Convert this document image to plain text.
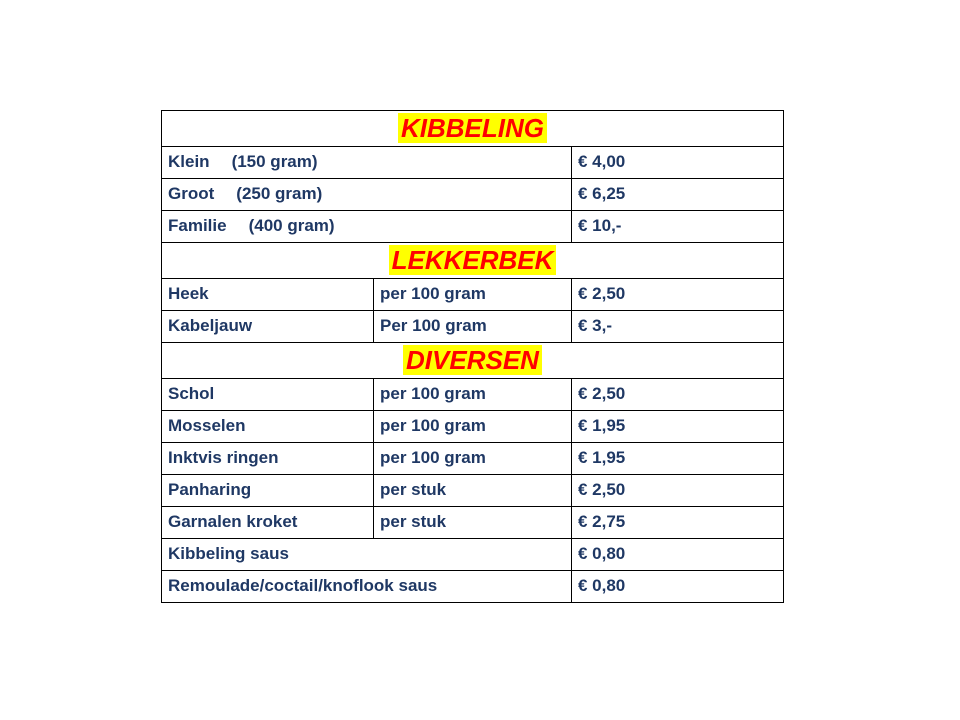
KIBBELING		
Klein (150 gram)		€ 4,00
Groot (250 gram)		€ 6,25
Familie (400 gram)		€ 10,-
LEKKERBEK		
Heek	per 100 gram	€ 2,50
Kabeljauw	Per 100 gram	€ 3,-
DIVERSEN		
Schol	per 100 gram	€ 2,50
Mosselen	per 100 gram	€ 1,95
Inktvis ringen	per 100 gram	€ 1,95
Panharing	per stuk	€ 2,50
Garnalen kroket	per stuk	€ 2,75
Kibbeling saus		€ 0,80
Remoulade/coctail/knoflook saus		€ 0,80
